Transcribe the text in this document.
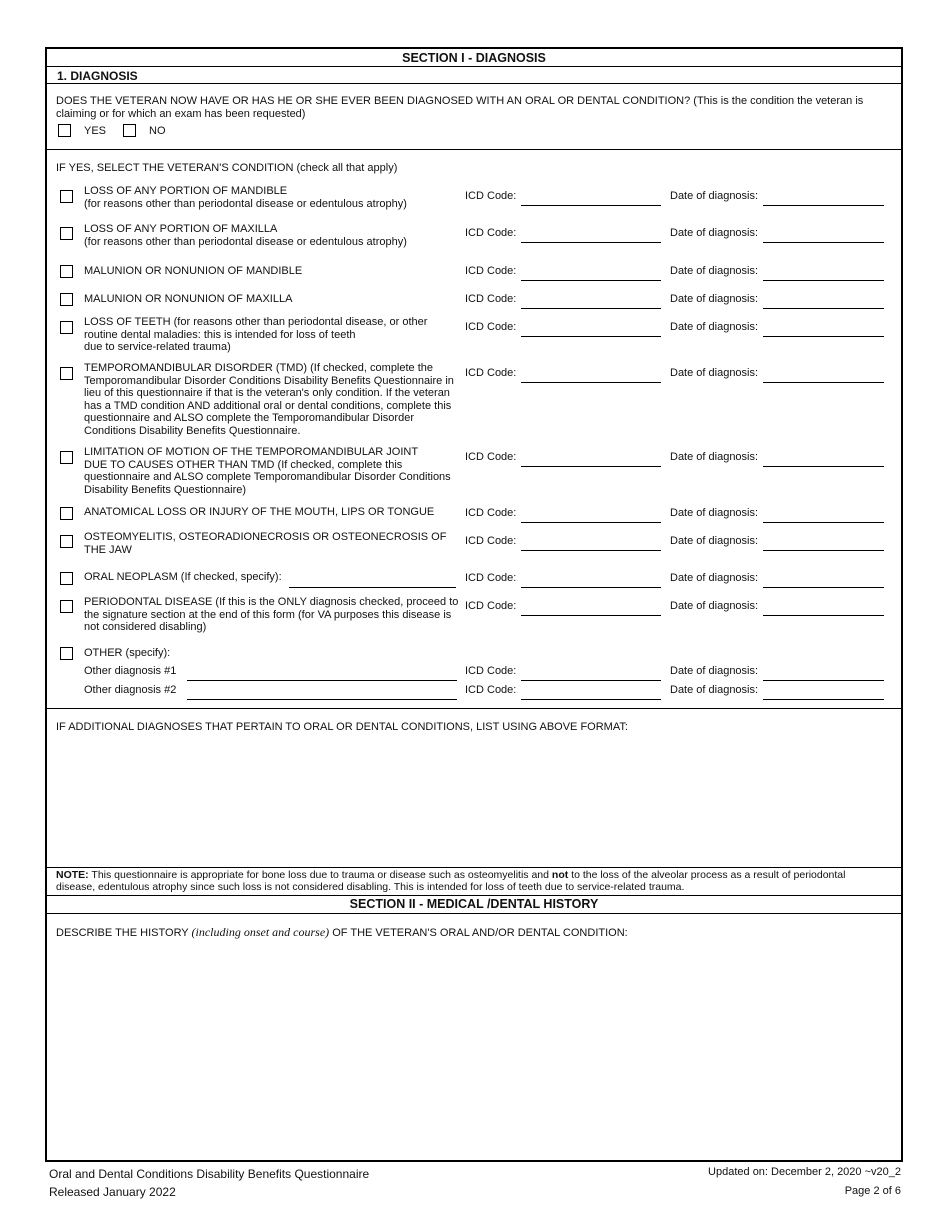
SECTION I - DIAGNOSIS
1. DIAGNOSIS
DOES THE VETERAN NOW HAVE OR HAS HE OR SHE EVER BEEN DIAGNOSED WITH AN ORAL OR DENTAL CONDITION? (This is the condition the veteran is claiming or for which an exam has been requested)
YES	NO
IF YES, SELECT THE VETERAN'S CONDITION (check all that apply)
LOSS OF ANY PORTION OF MANDIBLE
(for reasons other than periodontal disease or edentulous atrophy)
ICD Code:	Date of diagnosis:
LOSS OF ANY PORTION OF MAXILLA
(for reasons other than periodontal disease or edentulous atrophy)
ICD Code:	Date of diagnosis:
MALUNION OR NONUNION OF MANDIBLE	ICD Code:	Date of diagnosis:
MALUNION OR NONUNION OF MAXILLA	ICD Code:	Date of diagnosis:
LOSS OF TEETH (for reasons other than periodontal disease, or other
routine dental maladies: this is intended for loss of teeth
due to service-related trauma)
ICD Code:	Date of diagnosis:
TEMPOROMANDIBULAR DISORDER (TMD) (If checked, complete the
Temporomandibular Disorder Conditions Disability Benefits Questionnaire in
lieu of this questionnaire if that is the veteran's only condition. If the veteran
has a TMD condition AND additional oral or dental conditions, complete this
questionnaire and ALSO complete the Temporomandibular Disorder
Conditions Disability Benefits Questionnaire.
ICD Code:	Date of diagnosis:
LIMITATION OF MOTION OF THE TEMPOROMANDIBULAR JOINT
DUE TO CAUSES OTHER THAN TMD (If checked, complete this
questionnaire and ALSO complete Temporomandibular Disorder Conditions
Disability Benefits Questionnaire)
ICD Code:	Date of diagnosis:
ANATOMICAL LOSS OR INJURY OF THE MOUTH, LIPS OR TONGUE	ICD Code:	Date of diagnosis:
OSTEOMYELITIS, OSTEORADIONECROSIS OR OSTEONECROSIS OF
THE JAW
ICD Code:	Date of diagnosis:
ORAL NEOPLASM (If checked, specify):	ICD Code:	Date of diagnosis:
PERIODONTAL DISEASE (If this is the ONLY diagnosis checked, proceed to
the signature section at the end of this form (for VA purposes this disease is
not considered disabling)
ICD Code:	Date of diagnosis:
OTHER (specify):
Other diagnosis #1	ICD Code:	Date of diagnosis:
Other diagnosis #2	ICD Code:	Date of diagnosis:
IF ADDITIONAL DIAGNOSES THAT PERTAIN TO ORAL OR DENTAL CONDITIONS, LIST USING ABOVE FORMAT:
NOTE: This questionnaire is appropriate for bone loss due to trauma or disease such as osteomyelitis and not to the loss of the alveolar process as a result of periodontal disease, edentulous atrophy since such loss is not considered disabling. This is intended for loss of teeth due to service-related trauma.
SECTION II - MEDICAL /DENTAL HISTORY
DESCRIBE THE HISTORY (including onset and course) OF THE VETERAN'S ORAL AND/OR DENTAL CONDITION:
Oral and Dental Conditions Disability Benefits Questionnaire
Released January 2022
Updated on: December 2, 2020 ~v20_2
Page 2 of 6
